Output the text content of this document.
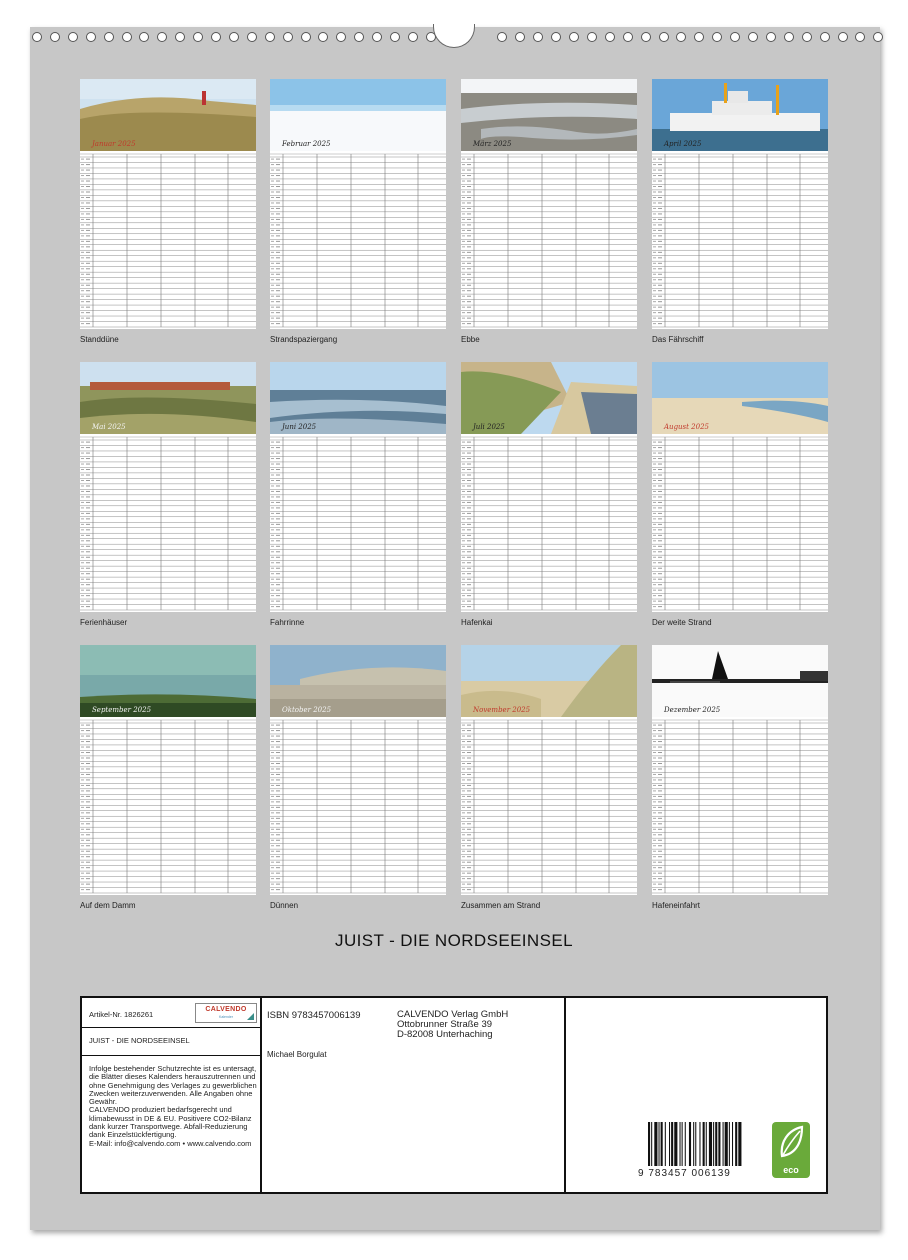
Januar 2025
Standdüne
Februar 2025
Strandspaziergang
März 2025
Ebbe
April 2025
Das Fährschiff
Mai 2025
Ferienhäuser
Juni 2025
Fahrrinne
Juli 2025
Hafenkai
August 2025
Der weite Strand
September 2025
Auf dem Damm
Oktober 2025
Dünnen
November 2025
Zusammen am Strand
Dezember 2025
Hafeneinfahrt
JUIST - DIE NORDSEEINSEL
Artikel-Nr. 1826261
CALVENDO
Kalender
JUIST - DIE NORDSEEINSEL

Infolge bestehender Schutzrechte ist es untersagt, die Blätter dieses Kalenders herauszutrennen und ohne Genehmigung des Verlages zu gewerblichen Zwecken weiterzuverwenden. Alle Angaben ohne Gewähr.

CALVENDO produziert bedarfsgerecht und klimabewusst in DE & EU. Positivere CO2-Bilanz dank kurzer Transportwege. Abfall-Reduzierung dank Einzelstückfertigung.

E-Mail: info@calvendo.com • www.calvendo.com

ISBN 9783457006139
Michael Borgulat
CALVENDO Verlag GmbH
Ottobrunner Straße 39
D-82008 Unterhaching
9 783457 006139	eco
